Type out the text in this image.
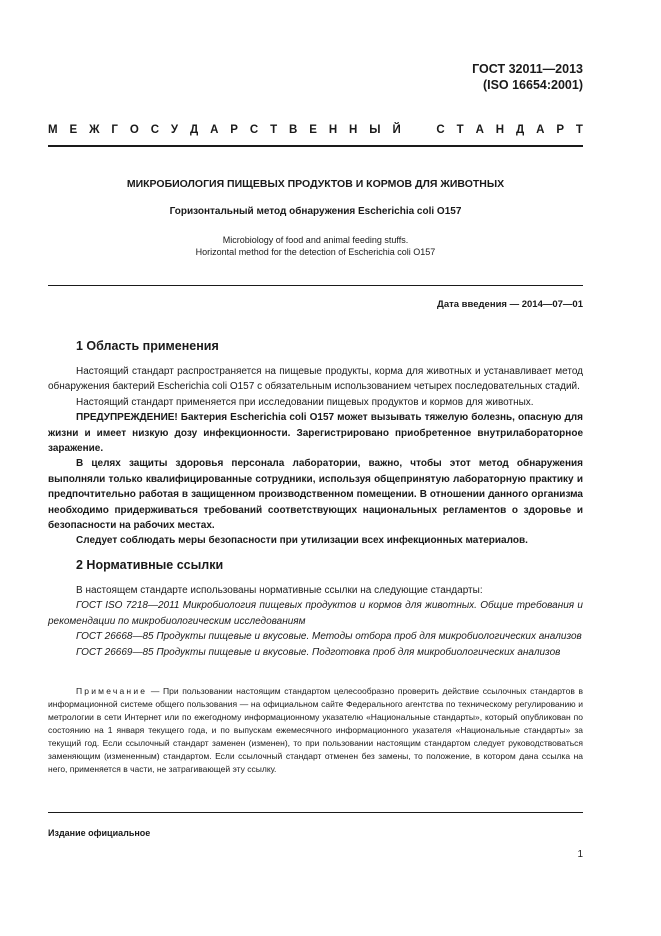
ГОСТ 32011—2013
(ISO 16654:2001)
М Е Ж Г О С У Д А Р С Т В Е Н Н Ы Й	С Т А Н Д А Р Т
МИКРОБИОЛОГИЯ ПИЩЕВЫХ ПРОДУКТОВ И КОРМОВ ДЛЯ ЖИВОТНЫХ
Горизонтальный метод обнаружения Escherichia coli O157
Microbiology of food and animal feeding stuffs.
Horizontal method for the detection of Escherichia coli O157
Дата введения — 2014—07—01
1 Область применения

Настоящий стандарт распространяется на пищевые продукты, корма для животных и устанавливает метод обнаружения бактерий Escherichia coli O157 с обязательным использованием четырех последовательных стадий.

Настоящий стандарт применяется при исследовании пищевых продуктов и кормов для животных.

ПРЕДУПРЕЖДЕНИЕ! Бактерия Escherichia coli O157 может вызывать тяжелую болезнь, опасную для жизни и имеет низкую дозу инфекционности. Зарегистрировано приобретенное внутрилабораторное заражение.

В целях защиты здоровья персонала лаборатории, важно, чтобы этот метод обнаружения выполняли только квалифицированные сотрудники, используя общепринятую лабораторную практику и предпочтительно работая в защищенном производственном помещении. В отношении данного организма необходимо придерживаться требований соответствующих национальных регламентов о здоровье и безопасности на рабочих местах.

Следует соблюдать меры безопасности при утилизации всех инфекционных материалов.

2 Нормативные ссылки

В настоящем стандарте использованы нормативные ссылки на следующие стандарты:

ГОСТ ISO 7218—2011 Микробиология пищевых продуктов и кормов для животных. Общие требования и рекомендации по микробиологическим исследованиям

ГОСТ 26668—85 Продукты пищевые и вкусовые. Методы отбора проб для микробиологических анализов

ГОСТ 26669—85 Продукты пищевые и вкусовые. Подготовка проб для микробиологических анализов

Примечание — При пользовании настоящим стандартом целесообразно проверить действие ссылочных стандартов в информационной системе общего пользования — на официальном сайте Федерального агентства по техническому регулированию и метрологии в сети Интернет или по ежегодному информационному указателю «Национальные стандарты», который опубликован по состоянию на 1 января текущего года, и по выпускам ежемесячного информационного указателя «Национальные стандарты» за текущий год. Если ссылочный стандарт заменен (изменен), то при пользовании настоящим стандартом следует руководствоваться заменяющим (измененным) стандартом. Если ссылочный стандарт отменен без замены, то положение, в котором дана ссылка на него, применяется в части, не затрагивающей эту ссылку.
Издание официальное
1
